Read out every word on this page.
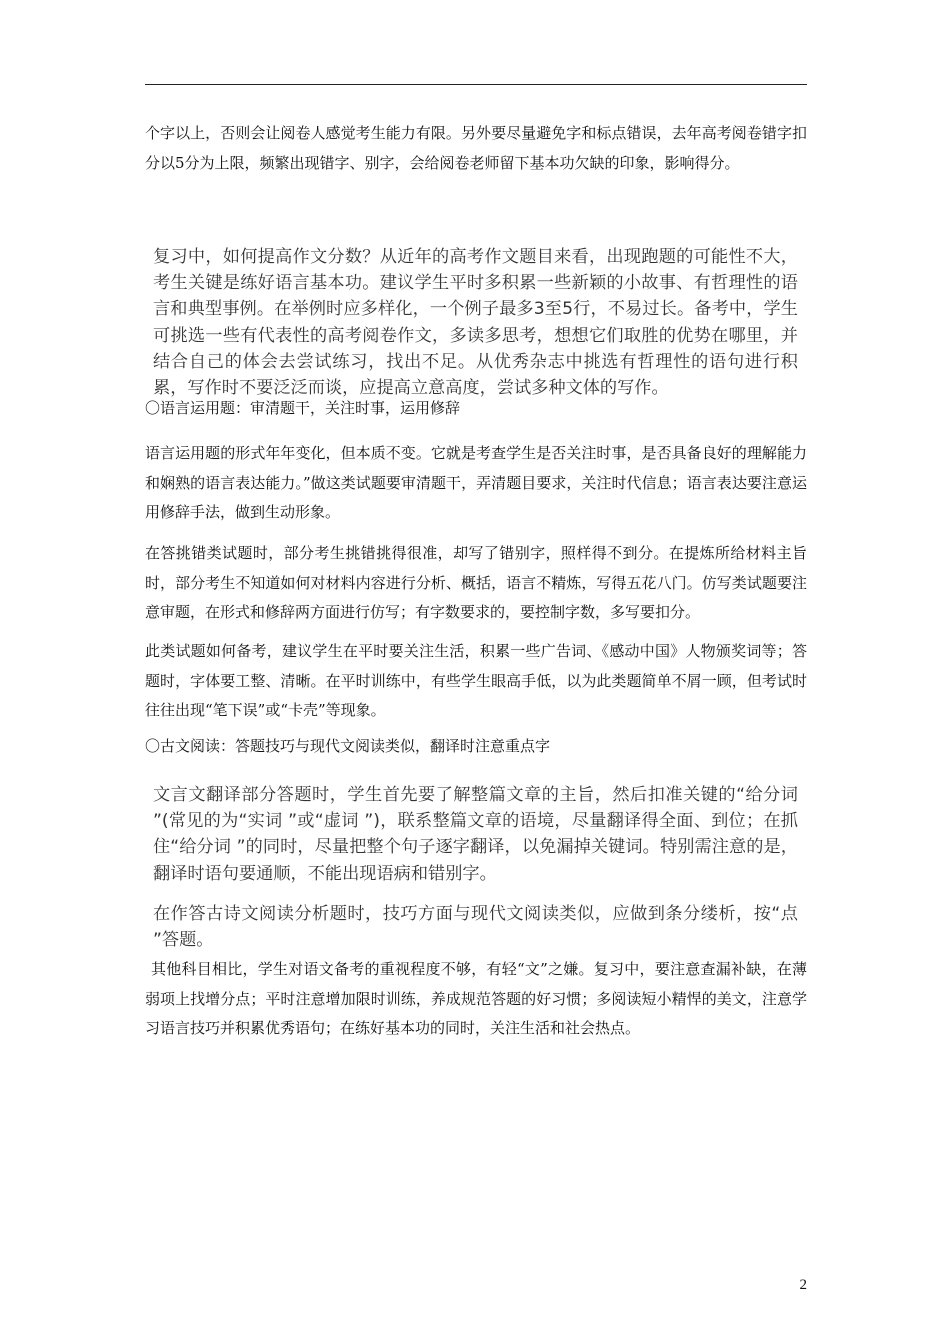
个字以上，否则会让阅卷人感觉考生能力有限。另外要尽量避免字和标点错误，去年高考阅卷错字扣分以5分为上限，频繁出现错字、别字，会给阅卷老师留下基本功欠缺的印象，影响得分。

复习中，如何提高作文分数？从近年的高考作文题目来看，出现跑题的可能性不大，考生关键是练好语言基本功。建议学生平时多积累一些新颖的小故事、有哲理性的语言和典型事例。在举例时应多样化，一个例子最多3至5行，不易过长。备考中，学生可挑选一些有代表性的高考阅卷作文，多读多思考，想想它们取胜的优势在哪里，并结合自己的体会去尝试练习，找出不足。从优秀杂志中挑选有哲理性的语句进行积累，写作时不要泛泛而谈，应提高立意高度，尝试多种文体的写作。

〇语言运用题：审清题干，关注时事，运用修辞

语言运用题的形式年年变化，但本质不变。它就是考查学生是否关注时事，是否具备良好的理解能力和娴熟的语言表达能力。”做这类试题要审清题干，弄清题目要求，关注时代信息；语言表达要注意运用修辞手法，做到生动形象。

在答挑错类试题时，部分考生挑错挑得很准，却写了错别字，照样得不到分。在提炼所给材料主旨时，部分考生不知道如何对材料内容进行分析、概括，语言不精炼，写得五花八门。仿写类试题要注意审题，在形式和修辞两方面进行仿写；有字数要求的，要控制字数，多写要扣分。

此类试题如何备考，建议学生在平时要关注生活，积累一些广告词、《感动中国》人物颁奖词等；答题时，字体要工整、清晰。在平时训练中，有些学生眼高手低，以为此类题简单不屑一顾，但考试时往往出现“笔下误”或“卡壳”等现象。

〇古文阅读：答题技巧与现代文阅读类似，翻译时注意重点字

文言文翻译部分答题时，学生首先要了解整篇文章的主旨，然后扣准关键的“给分词 ”(常见的为“实词 ”或“虚词 ”)，联系整篇文章的语境，尽量翻译得全面、到位；在抓住“给分词 ”的同时，尽量把整个句子逐字翻译，以免漏掉关键词。特别需注意的是，翻译时语句要通顺，不能出现语病和错别字。

在作答古诗文阅读分析题时，技巧方面与现代文阅读类似，应做到条分缕析，按“点 ”答题。

其他科目相比，学生对语文备考的重视程度不够，有轻“文”之嫌。复习中，要注意查漏补缺，在薄弱项上找增分点；平时注意增加限时训练，养成规范答题的好习惯；多阅读短小精悍的美文，注意学习语言技巧并积累优秀语句；在练好基本功的同时，关注生活和社会热点。

2
